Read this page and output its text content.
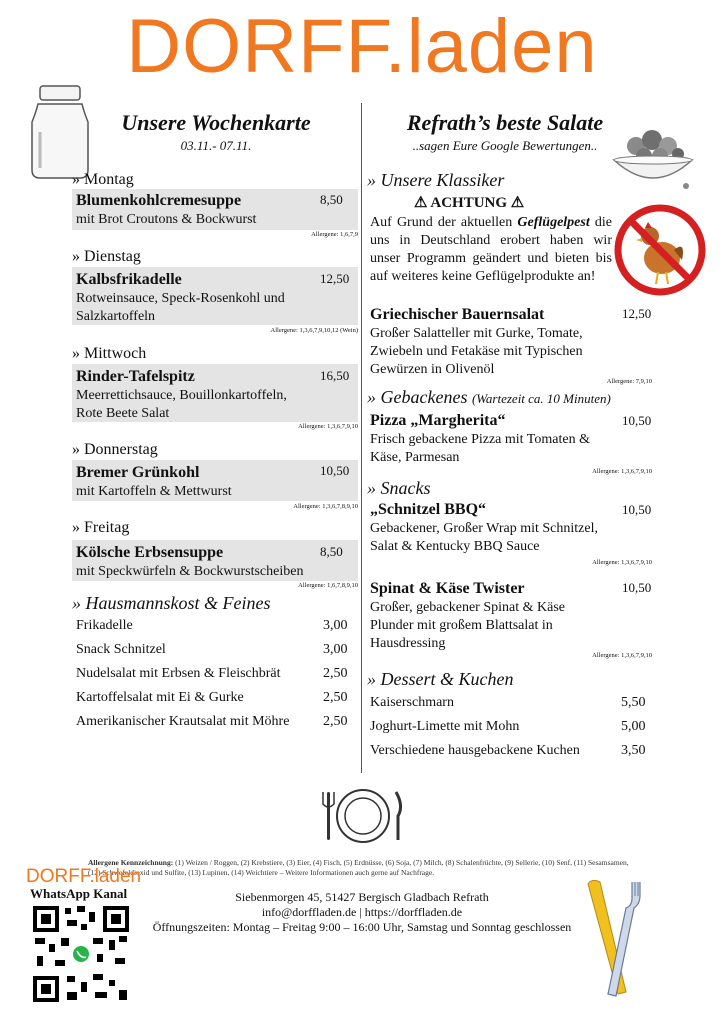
DORFF.laden
Unsere Wochenkarte
03.11.- 07.11.
» Montag
Blumenkohlcremesuppe
mit Brot Croutons & Bockwurst
8,50
Allergene: 1,6,7,9
» Dienstag
Kalbsfrikadelle
Rotweinsauce, Speck-Rosenkohl und Salzkartoffeln
12,50
Allergene: 1,3,6,7,9,10,12 (Wein)
» Mittwoch
Rinder-Tafelspitz
Meerrettichsauce, Bouillonkartoffeln, Rote Beete Salat
16,50
Allergene: 1,3,6,7,9,10
» Donnerstag
Bremer Grünkohl
mit Kartoffeln & Mettwurst
10,50
Allergene: 1,3,6,7,8,9,10
» Freitag
Kölsche Erbsensuppe
mit Speckwürfeln & Bockwurstscheiben
8,50
Allergene: 1,6,7,8,9,10
» Hausmannskost & Feines
Frikadelle	3,00
Snack Schnitzel	3,00
Nudelsalat mit Erbsen & Fleischbrät	2,50
Kartoffelsalat mit Ei & Gurke	2,50
Amerikanischer Krautsalat mit Möhre 2,50
Refrath’s beste Salate
..sagen Eure Google Bewertungen..
» Unsere Klassiker
⚠ ACHTUNG ⚠
Auf Grund der aktuellen Geflügelpest die uns in Deutschland erobert haben wir unser Programm geändert und bieten bis auf weiteres keine Geflügelprodukte an!
Griechischer Bauernsalat	12,50
Großer Salatteller mit Gurke, Tomate, Zwiebeln und Fetakäse mit Typischen Gewürzen in Olivenöl
Allergene: 7,9,10
» Gebackenes (Wartezeit ca. 10 Minuten)
Pizza „Margherita“	10,50
Frisch gebackene Pizza mit Tomaten & Käse, Parmesan
Allergene: 1,3,6,7,9,10
» Snacks
„Schnitzel BBQ“	10,50
Gebackener, Großer Wrap mit Schnitzel, Salat & Kentucky BBQ Sauce
Allergene: 1,3,6,7,9,10
Spinat & Käse Twister	10,50
Großer, gebackener Spinat & Käse Plunder mit großem Blattsalat in Hausdressing
Allergene: 1,3,6,7,9,10
» Dessert & Kuchen
Kaiserschmarn	5,50
Joghurt-Limette mit Mohn	5,00
Verschiedene hausgebackene Kuchen	3,50
Allergene Kennzeichnung: (1) Weizen / Roggen, (2) Krebstiere, (3) Eier, (4) Fisch, (5) Erdnüsse, (6) Soja, (7) Milch, (8) Schalenfrüchte, (9) Sellerie, (10) Senf, (11) Sesamsamen, (12) Schwefeldioxid und Sulfite, (13) Lupinen, (14) Weichtiere – Weitere Informationen auch gerne auf Nachfrage.
DORFF.laden
WhatsApp Kanal	Siebenmorgen 45, 51427 Bergisch Gladbach Refrath
info@dorffladen.de | https://dorffladen.de
Öffnungszeiten: Montag – Freitag 9:00 – 16:00 Uhr, Samstag und Sonntag geschlossen
